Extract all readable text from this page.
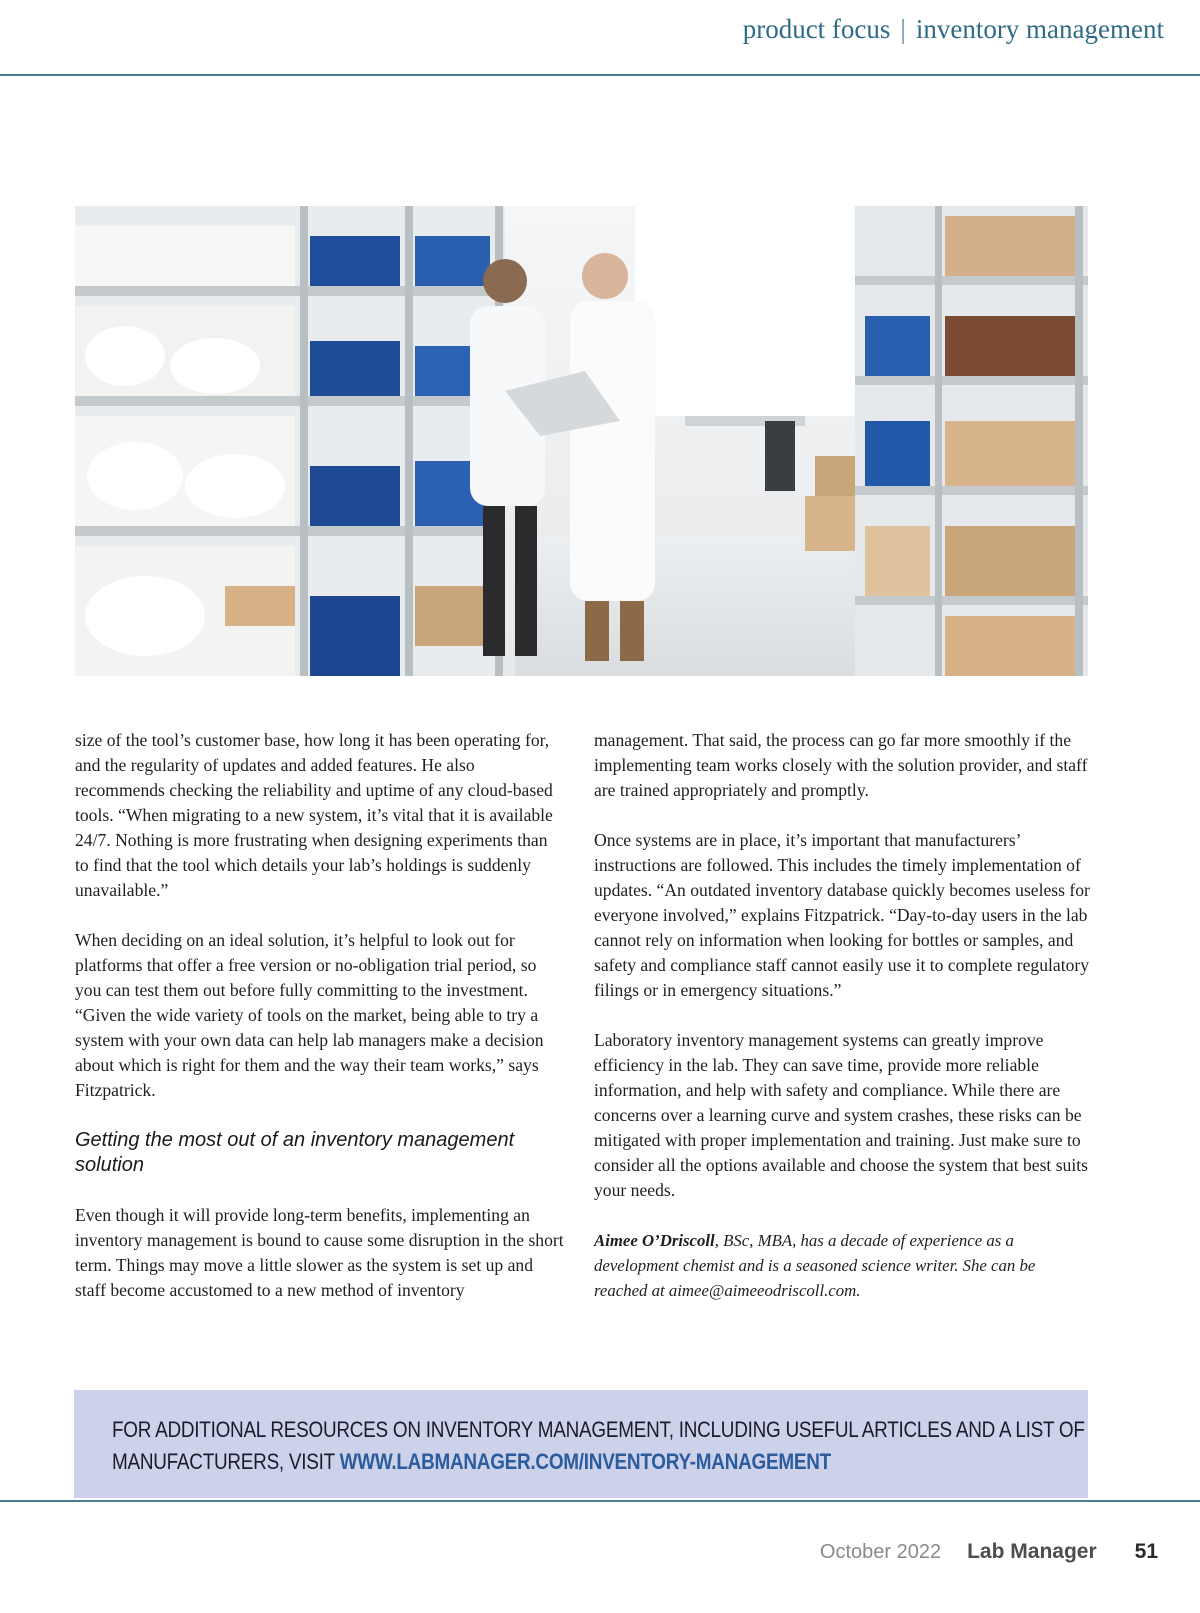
product focus | inventory management

size of the tool’s customer base, how long it has been operating for, and the regularity of updates and added features. He also recommends checking the reliability and uptime of any cloud-based tools. “When migrating to a new system, it’s vital that it is available 24/7. Nothing is more frustrating when designing experiments than to find that the tool which details your lab’s holdings is suddenly unavailable.”

When deciding on an ideal solution, it’s helpful to look out for platforms that offer a free version or no-obligation trial period, so you can test them out before fully committing to the investment. “Given the wide variety of tools on the market, being able to try a system with your own data can help lab managers make a decision about which is right for them and the way their team works,” says Fitzpatrick.

Getting the most out of an inventory management solution

Even though it will provide long-term benefits, implementing an inventory management is bound to cause some disruption in the short term. Things may move a little slower as the system is set up and staff become accustomed to a new method of inventory

management. That said, the process can go far more smoothly if the implementing team works closely with the solution provider, and staff are trained appropriately and promptly.

Once systems are in place, it’s important that manufacturers’ instructions are followed. This includes the timely implementation of updates. “An outdated inventory database quickly becomes useless for everyone involved,” explains Fitzpatrick. “Day-to-day users in the lab cannot rely on information when looking for bottles or samples, and safety and compliance staff cannot easily use it to complete regulatory filings or in emergency situations.”

Laboratory inventory management systems can greatly improve efficiency in the lab. They can save time, provide more reliable information, and help with safety and compliance. While there are concerns over a learning curve and system crashes, these risks can be mitigated with proper implementation and training. Just make sure to consider all the options available and choose the system that best suits your needs.

Aimee O’Driscoll, BSc, MBA, has a decade of experience as a development chemist and is a seasoned science writer. She can be reached at aimee@aimeeodriscoll.com.

FOR ADDITIONAL RESOURCES ON INVENTORY MANAGEMENT, INCLUDING USEFUL ARTICLES AND A LIST OF
MANUFACTURERS, VISIT WWW.LABMANAGER.COM/INVENTORY-MANAGEMENT
October 2022 Lab Manager 51
